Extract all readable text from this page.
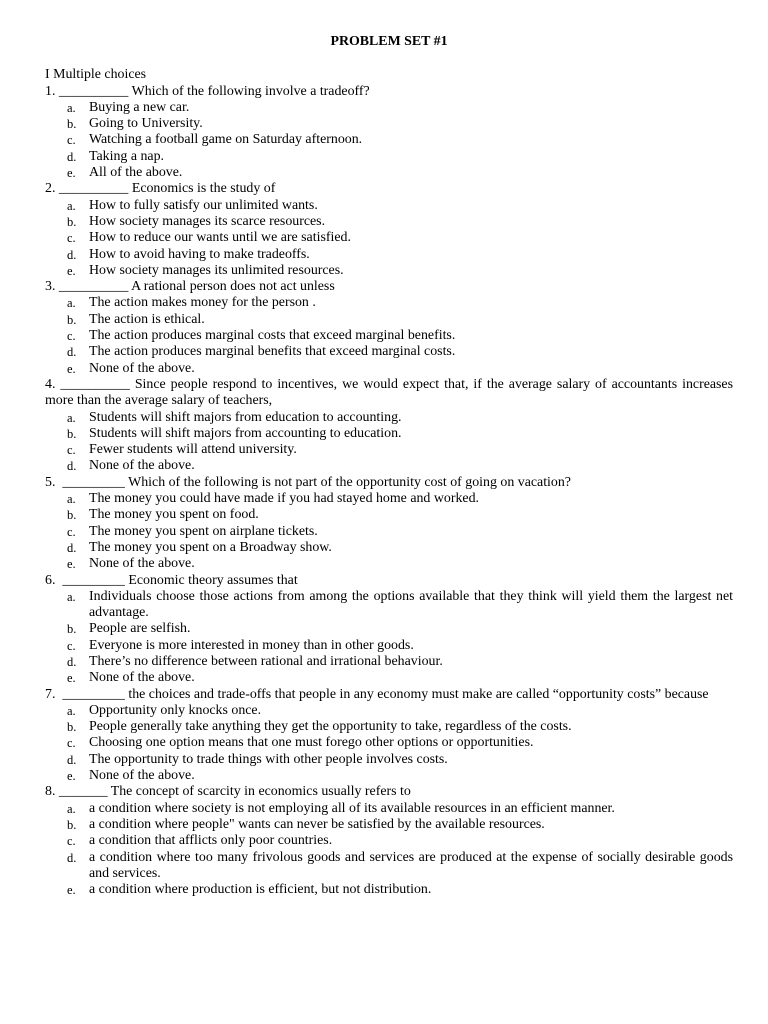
PROBLEM SET #1
I Multiple choices
1. __________ Which of the following involve a tradeoff?
a. Buying a new car.
b. Going to University.
c. Watching a football game on Saturday afternoon.
d. Taking a nap.
e. All of the above.
2. __________ Economics is the study of
a. How to fully satisfy our unlimited wants.
b. How society manages its scarce resources.
c. How to reduce our wants until we are satisfied.
d. How to avoid having to make tradeoffs.
e. How society manages its unlimited resources.
3. __________ A rational person does not act unless
a. The action makes money for the person .
b. The action is ethical.
c. The action produces marginal costs that exceed marginal benefits.
d. The action produces marginal benefits that exceed marginal costs.
e. None of the above.
4. __________ Since people respond to incentives, we would expect that, if the average salary of accountants increases more than the average salary of teachers,
a. Students will shift majors from education to accounting.
b. Students will shift majors from accounting to education.
c. Fewer students will attend university.
d. None of the above.
5.  _________ Which of the following is not part of the opportunity cost of going on vacation?
a. The money you could have made if you had stayed home and worked.
b. The money you spent on food.
c. The money you spent on airplane tickets.
d. The money you spent on a Broadway show.
e. None of the above.
6.  _________ Economic theory assumes that
a. Individuals choose those actions from among the options available that they think will yield them the largest net advantage.
b. People are selfish.
c. Everyone is more interested in money than in other goods.
d. There’s no difference between rational and irrational behaviour.
e. None of the above.
7.  _________ the choices and trade-offs that people in any economy must make are called “opportunity costs” because
a. Opportunity only knocks once.
b. People generally take anything they get the opportunity to take, regardless of the costs.
c. Choosing one option means that one must forego other options or opportunities.
d. The opportunity to trade things with other people involves costs.
e. None of the above.
8. _______ The concept of scarcity in economics usually refers to
a. a condition where society is not employing all of its available resources in an efficient manner.
b. a condition where people" wants can never be satisfied by the available resources.
c. a condition that afflicts only poor countries.
d. a condition where too many frivolous goods and services are produced at the expense of socially desirable goods and services.
e. a condition where production is efficient, but not distribution.
